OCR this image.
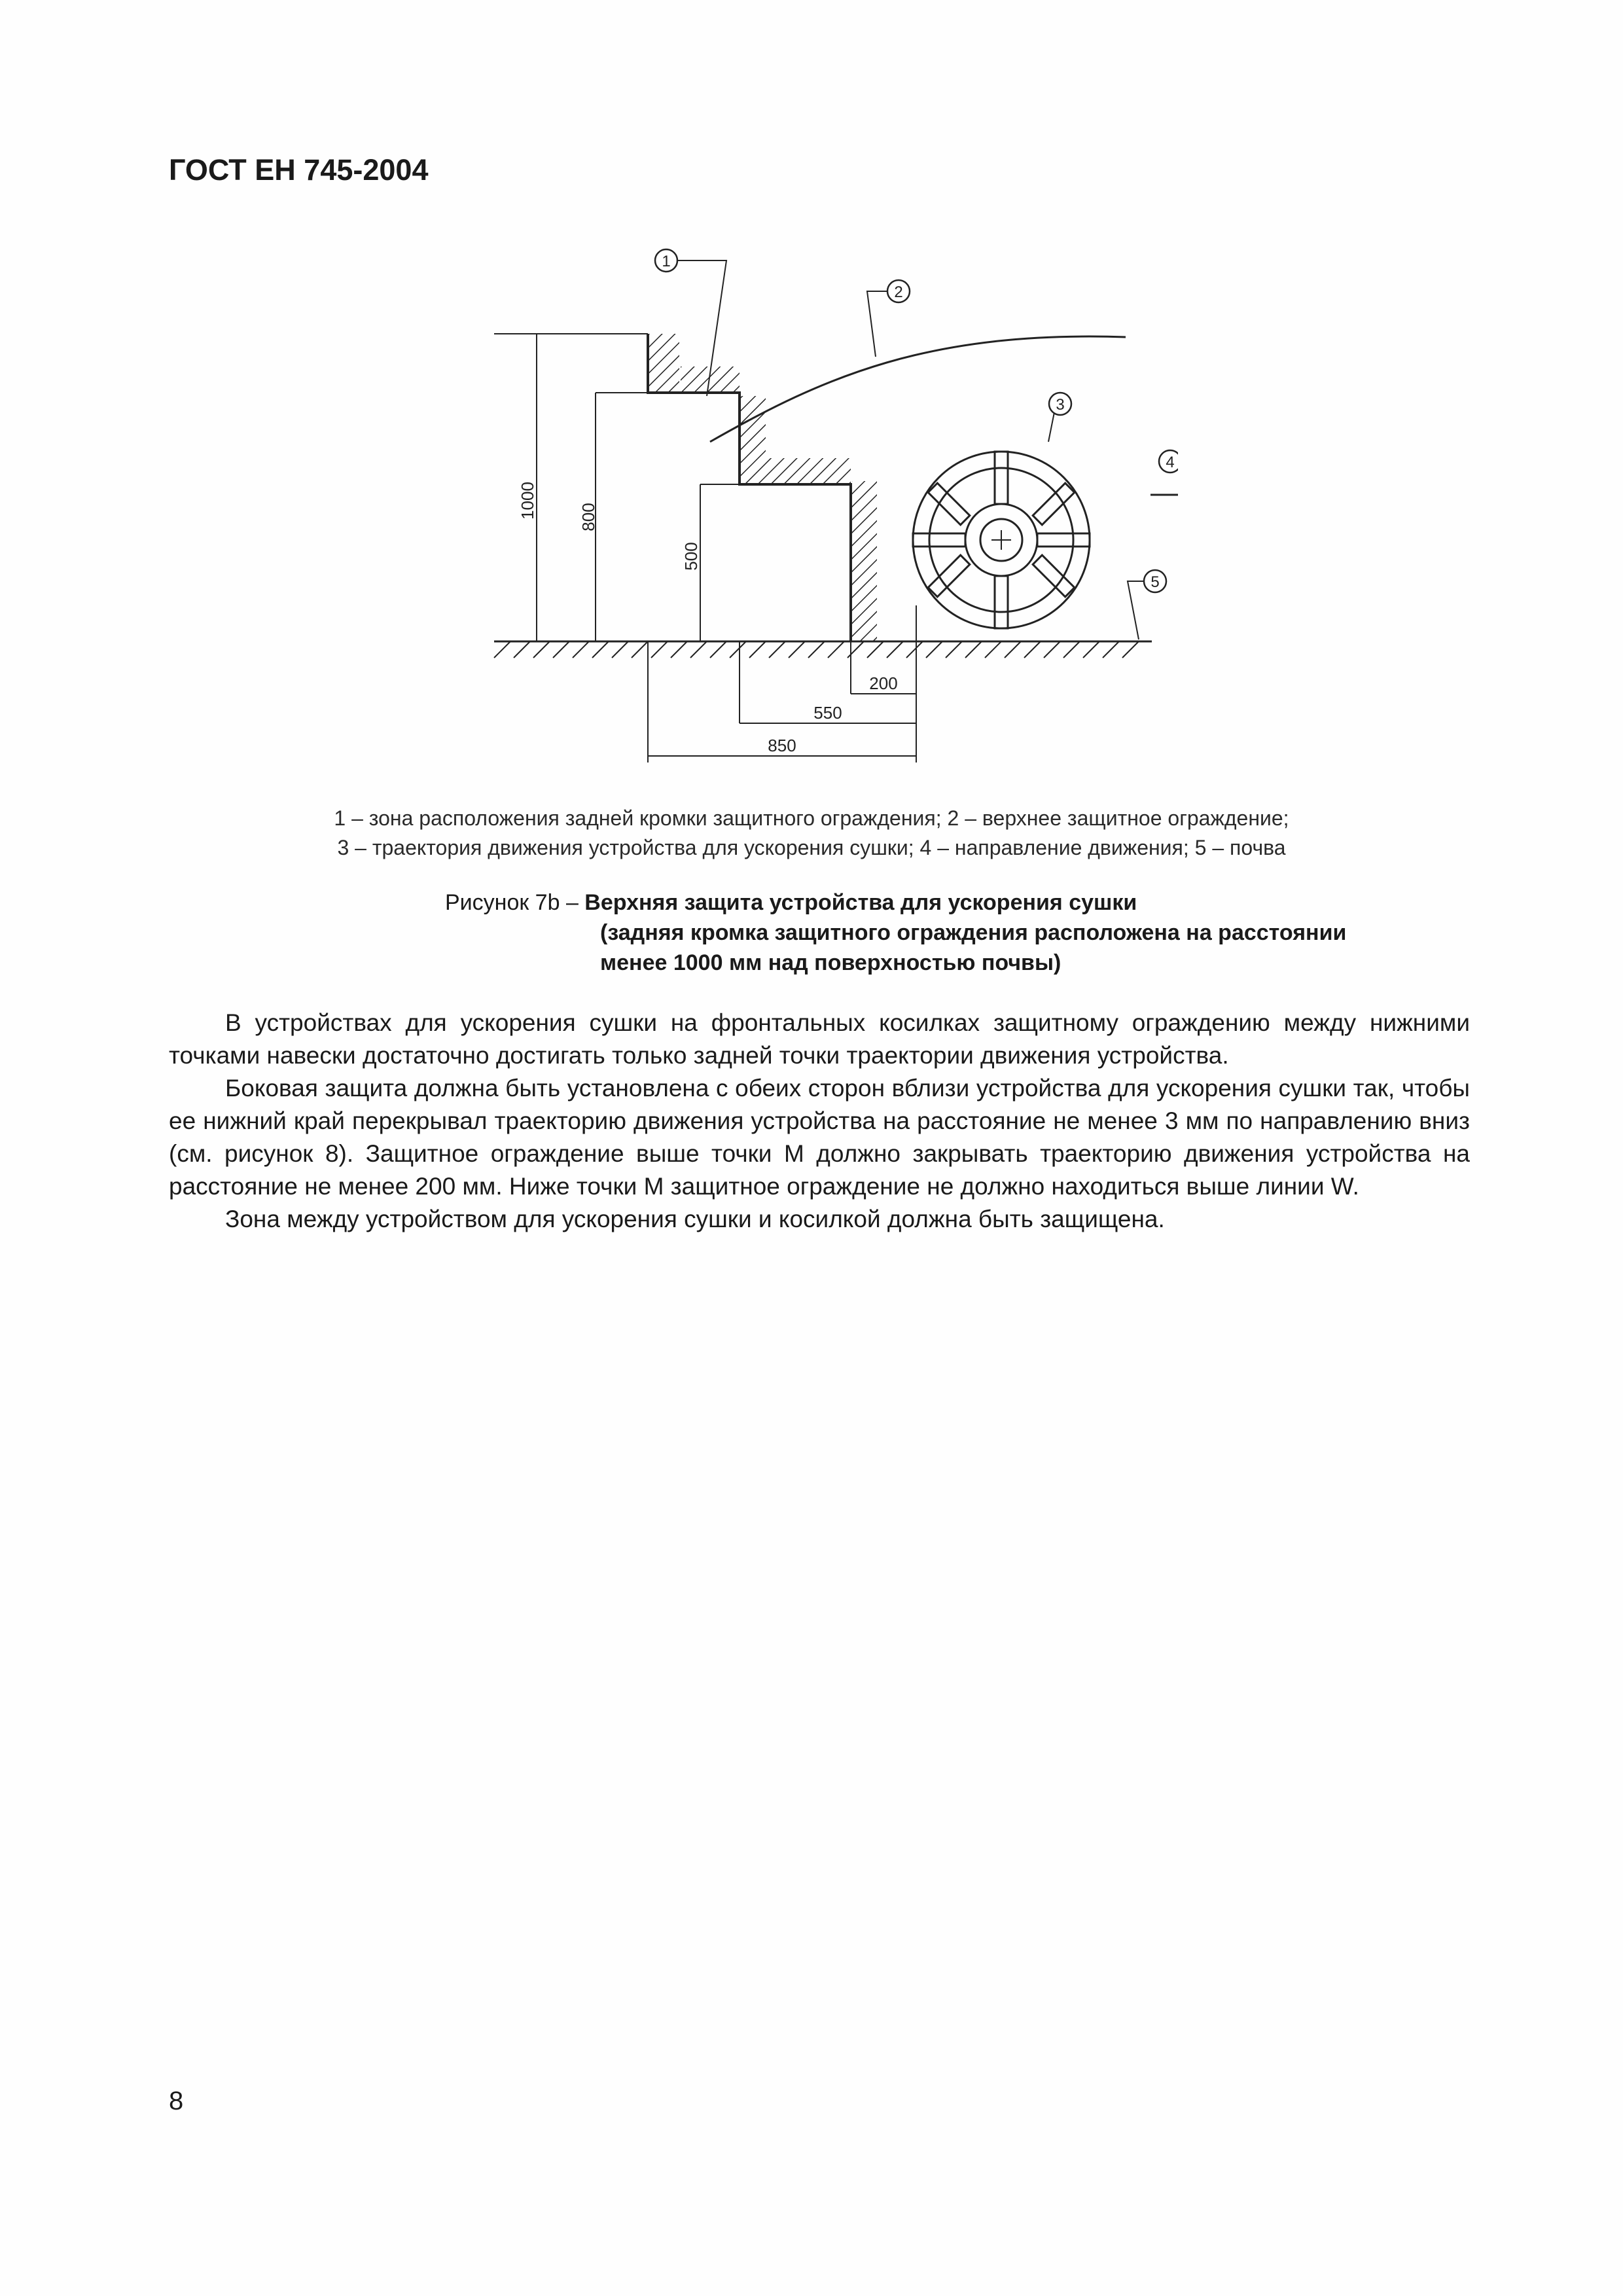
ГОСТ ЕН 745-2004
1
2
3
4
5
1000 800
500
200
550
850
1 – зона расположения задней кромки защитного ограждения; 2 – верхнее защитное ограждение;
3 – траектория движения устройства для ускорения сушки; 4 – направление движения; 5 – почва
Рисунок 7b – Верхняя защита устройства для ускорения сушки
(задняя кромка защитного ограждения расположена на расстоянии
менее 1000 мм над поверхностью почвы)

В устройствах для ускорения сушки на фронтальных косилках защитному ограждению между нижними точками навески достаточно достигать только задней точки траектории движения устройства.

Боковая защита должна быть установлена с обеих сторон вблизи устройства для ускорения сушки так, чтобы ее нижний край перекрывал траекторию движения устройства на расстояние не менее 3 мм по направлению вниз (см. рисунок 8). Защитное ограждение выше точки М должно закрывать траекторию движения устройства на расстояние не менее 200 мм. Ниже точки М защитное ограждение не должно находиться выше линии W.

Зона между устройством для ускорения сушки и косилкой должна быть защищена.

8
